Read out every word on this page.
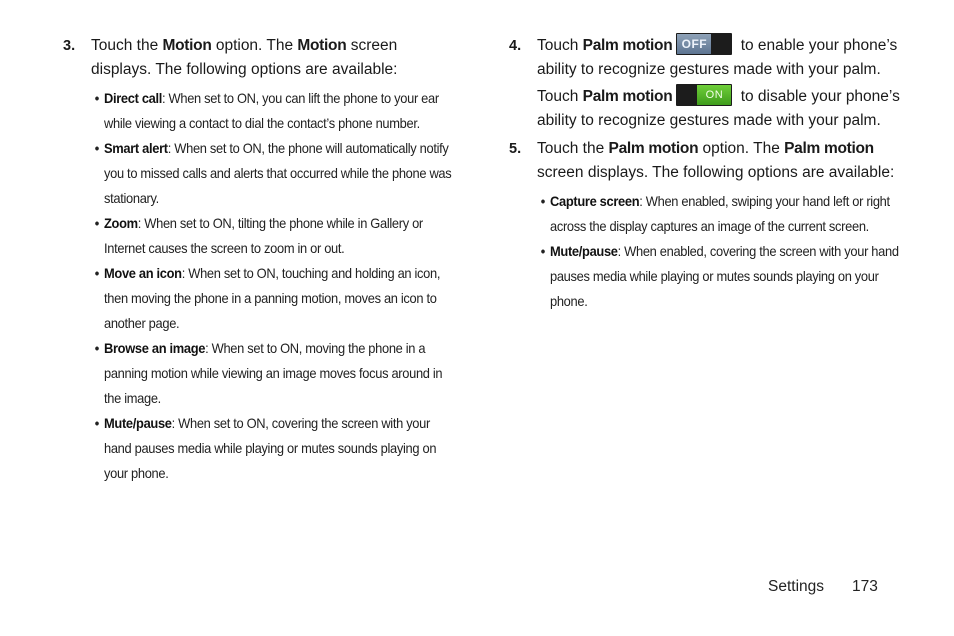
3. Touch the Motion option. The Motion screen displays. The following options are available:
• Direct call: When set to ON, you can lift the phone to your ear while viewing a contact to dial the contact’s phone number.
• Smart alert: When set to ON, the phone will automatically notify you to missed calls and alerts that occurred while the phone was stationary.
• Zoom: When set to ON, tilting the phone while in Gallery or Internet causes the screen to zoom in or out.
• Move an icon: When set to ON, touching and holding an icon, then moving the phone in a panning motion, moves an icon to another page.
• Browse an image: When set to ON, moving the phone in a panning motion while viewing an image moves focus around in the image.
• Mute/pause: When set to ON, covering the screen with your hand pauses media while playing or mutes sounds playing on your phone.
4. Touch Palm motion OFF to enable your phone’s ability to recognize gestures made with your palm.
Touch Palm motion	ON to disable your phone’s ability to recognize gestures made with your palm.
5. Touch the Palm motion option. The Palm motion screen displays. The following options are available:
• Capture screen: When enabled, swiping your hand left or right across the display captures an image of the current screen.
• Mute/pause: When enabled, covering the screen with your hand pauses media while playing or mutes sounds playing on your phone.
Settings 173
